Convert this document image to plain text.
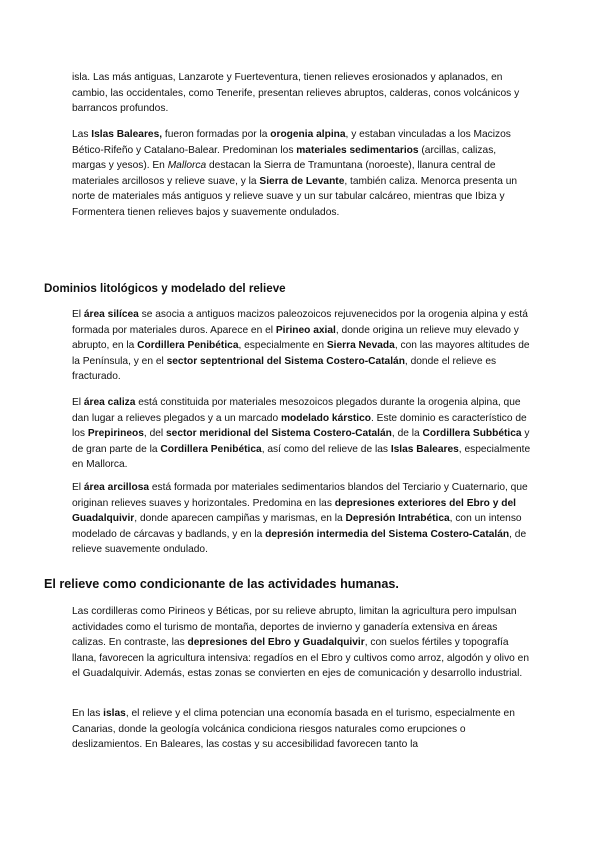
isla. Las más antiguas, Lanzarote y Fuerteventura, tienen relieves erosionados y aplanados, en cambio, las occidentales, como Tenerife, presentan relieves abruptos, calderas, conos volcánicos y barrancos profundos.

Las Islas Baleares, fueron formadas por la orogenia alpina, y estaban vinculadas a los Macizos Bético-Rifeño y Catalano-Balear. Predominan los materiales sedimentarios (arcillas, calizas, margas y yesos). En Mallorca destacan la Sierra de Tramuntana (noroeste), llanura central de materiales arcillosos y relieve suave, y la Sierra de Levante, también caliza. Menorca presenta un norte de materiales más antiguos y relieve suave y un sur tabular calcáreo, mientras que Ibiza y Formentera tienen relieves bajos y suavemente ondulados.

Dominios litológicos y modelado del relieve

El área silícea se asocia a antiguos macizos paleozoicos rejuvenecidos por la orogenia alpina y está formada por materiales duros. Aparece en el Pirineo axial, donde origina un relieve muy elevado y abrupto, en la Cordillera Penibética, especialmente en Sierra Nevada, con las mayores altitudes de la Península, y en el sector septentrional del Sistema Costero-Catalán, donde el relieve es fracturado.

El área caliza está constituida por materiales mesozoicos plegados durante la orogenia alpina, que dan lugar a relieves plegados y a un marcado modelado kárstico. Este dominio es característico de los Prepirineos, del sector meridional del Sistema Costero-Catalán, de la Cordillera Subbética y de gran parte de la Cordillera Penibética, así como del relieve de las Islas Baleares, especialmente en Mallorca.

El área arcillosa está formada por materiales sedimentarios blandos del Terciario y Cuaternario, que originan relieves suaves y horizontales. Predomina en las depresiones exteriores del Ebro y del Guadalquivir, donde aparecen campiñas y marismas, en la Depresión Intrabética, con un intenso modelado de cárcavas y badlands, y en la depresión intermedia del Sistema Costero-Catalán, de relieve suavemente ondulado.

El relieve como condicionante de las actividades humanas.

Las cordilleras como Pirineos y Béticas, por su relieve abrupto, limitan la agricultura pero impulsan actividades como el turismo de montaña, deportes de invierno y ganadería extensiva en áreas calizas. En contraste, las depresiones del Ebro y Guadalquivir, con suelos fértiles y topografía llana, favorecen la agricultura intensiva: regadíos en el Ebro y cultivos como arroz, algodón y olivo en el Guadalquivir. Además, estas zonas se convierten en ejes de comunicación y desarrollo industrial.

En las islas, el relieve y el clima potencian una economía basada en el turismo, especialmente en Canarias, donde la geología volcánica condiciona riesgos naturales como erupciones o deslizamientos. En Baleares, las costas y su accesibilidad favorecen tanto la
